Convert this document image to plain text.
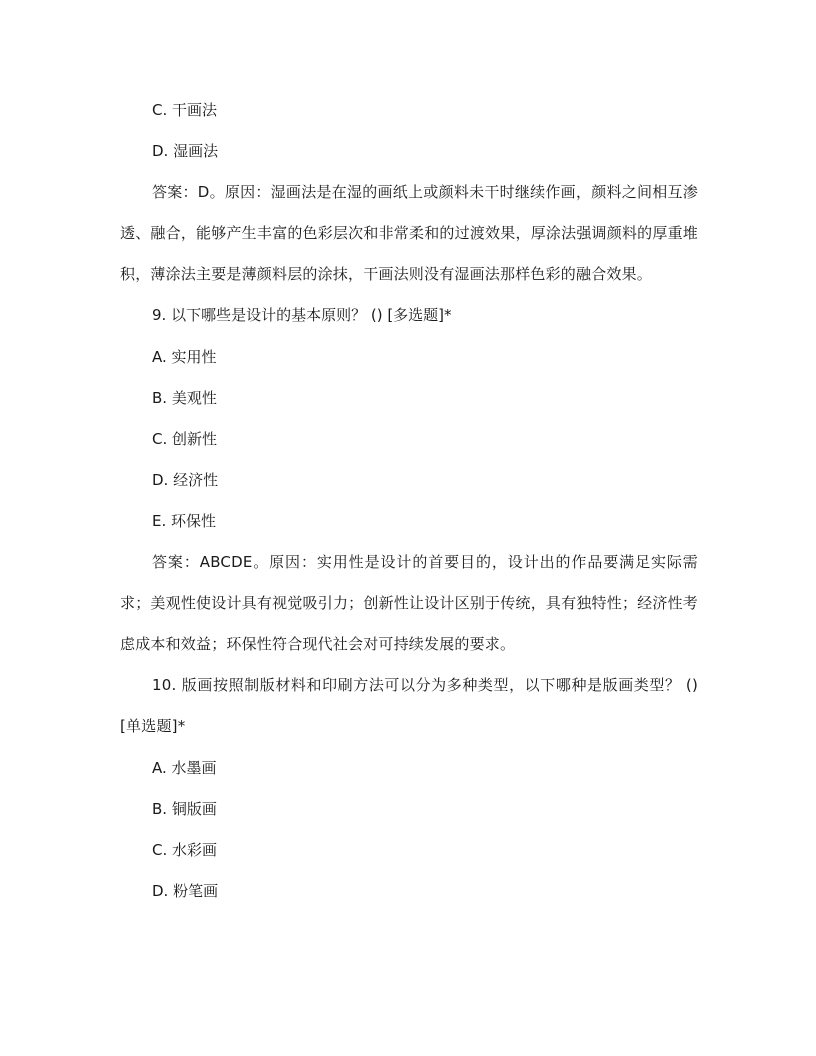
C. 干画法
D. 湿画法
答案：D。原因：湿画法是在湿的画纸上或颜料未干时继续作画，颜料之间相互渗透、融合，能够产生丰富的色彩层次和非常柔和的过渡效果，厚涂法强调颜料的厚重堆积，薄涂法主要是薄颜料层的涂抹，干画法则没有湿画法那样色彩的融合效果。
9. 以下哪些是设计的基本原则？ () [多选题]*
A. 实用性
B. 美观性
C. 创新性
D. 经济性
E. 环保性
答案：ABCDE。原因：实用性是设计的首要目的，设计出的作品要满足实际需求；美观性使设计具有视觉吸引力；创新性让设计区别于传统，具有独特性；经济性考虑成本和效益；环保性符合现代社会对可持续发展的要求。
10. 版画按照制版材料和印刷方法可以分为多种类型，以下哪种是版画类型？ () [单选题]*
A. 水墨画
B. 铜版画
C. 水彩画
D. 粉笔画
